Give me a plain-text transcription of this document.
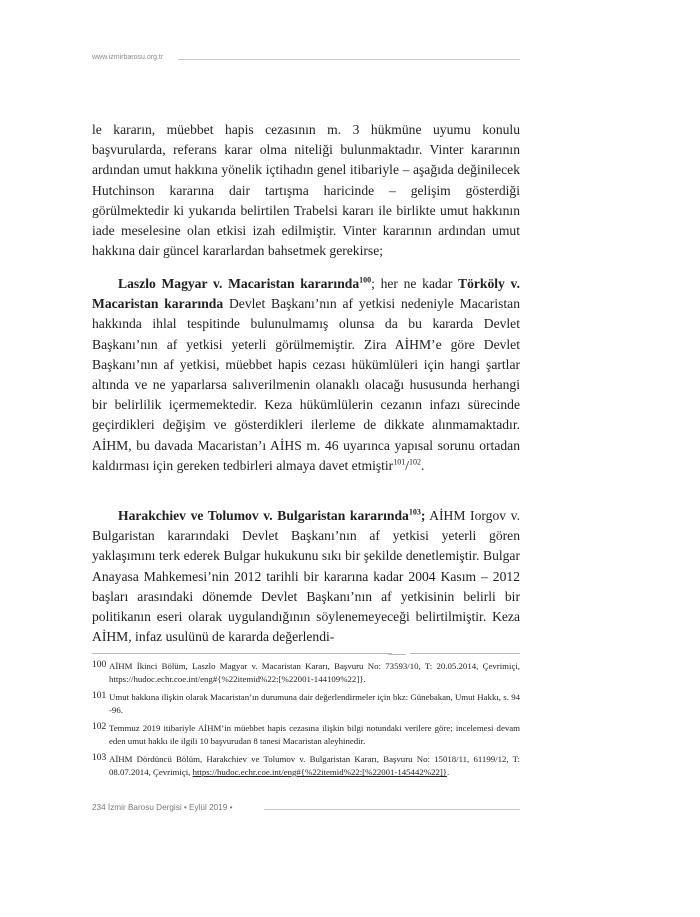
www.izmirbarosu.org.tr

le kararın, müebbet hapis cezasının m. 3 hükmüne uyumu konulu başvurularda, referans karar olma niteliği bulunmaktadır. Vinter kararının ardından umut hakkına yönelik içtihadın genel itibariyle – aşağıda değinilecek Hutchinson kararına dair tartışma haricinde – gelişim gösterdiği görülmektedir ki yukarıda belirtilen Trabelsi kararı ile birlikte umut hakkının iade meselesine olan etkisi izah edilmiştir. Vinter kararının ardından umut hakkına dair güncel kararlardan bahsetmek gerekirse;

Laszlo Magyar v. Macaristan kararında$^{100}$; her ne kadar Törköly v. Macaristan kararında Devlet Başkanı’nın af yetkisi nedeniyle Macaristan hakkında ihlal tespitinde bulunulmamış olunsa da bu kararda Devlet Başkanı’nın af yetkisi yeterli görülmemiştir. Zira AİHM’e göre Devlet Başkanı’nın af yetkisi, müebbet hapis cezası hükümlüleri için hangi şartlar altında ve ne yaparlarsa salıverilmenin olanaklı olacağı hususunda herhangi bir belirlilik içermemektedir. Keza hükümlülerin cezanın infazı sürecinde geçirdikleri değişim ve gösterdikleri ilerleme de dikkate alınmamaktadır. AİHM, bu davada Macaristan’ı AİHS m. 46 uyarınca yapısal sorunu ortadan kaldırması için gereken tedbirleri almaya davet etmiştir$^{101}$/$^{102}$.

Harakchiev ve Tolumov v. Bulgaristan kararında$^{103}$; AİHM Iorgov v. Bulgaristan kararındaki Devlet Başkanı’nın af yetkisi yeterli gören yaklaşımını terk ederek Bulgar hukukunu sıkı bir şekilde denetlemiştir. Bulgar Anayasa Mahkemesi’nin 2012 tarihli bir kararına kadar 2004 Kasım – 2012 başları arasındaki dönemde Devlet Başkanı’nın af yetkisinin belirli bir politikanın eseri olarak uygulandığının söylenemeyeceği belirtilmiştir. Keza AİHM, infaz usulünü de kararda değerlendi-

100 AİHM İkinci Bölüm, Laszlo Magyar v. Macaristan Kararı, Başvuru No: 73593/10, T: 20.05.2014, Çevrimiçi, https://hudoc.echr.coe.int/eng#{%22itemid%22:[%22001-144109%22]}.
101 Umut hakkına ilişkin olarak Macaristan’ın durumuna dair değerlendirmeler için bkz: Günebakan, Umut Hakkı, s. 94 -96.
102 Temmuz 2019 itibariyle AİHM’in müebbet hapis cezasına ilişkin bilgi notundaki verilere göre; incelemesi devam eden umut hakkı ile ilgili 10 başvurudan 8 tanesi Macaristan aleyhinedir.
103 AİHM Dördüncü Bölüm, Harakchiev ve Tolumov v. Bulgaristan Kararı, Başvuru No: 15018/11, 61199/12, T: 08.07.2014, Çevrimiçi, https://hudoc.echr.coe.int/eng#{%22itemid%22:[%22001-145442%22]}.
234 İzmir Barosu Dergisi • Eylül 2019 •
